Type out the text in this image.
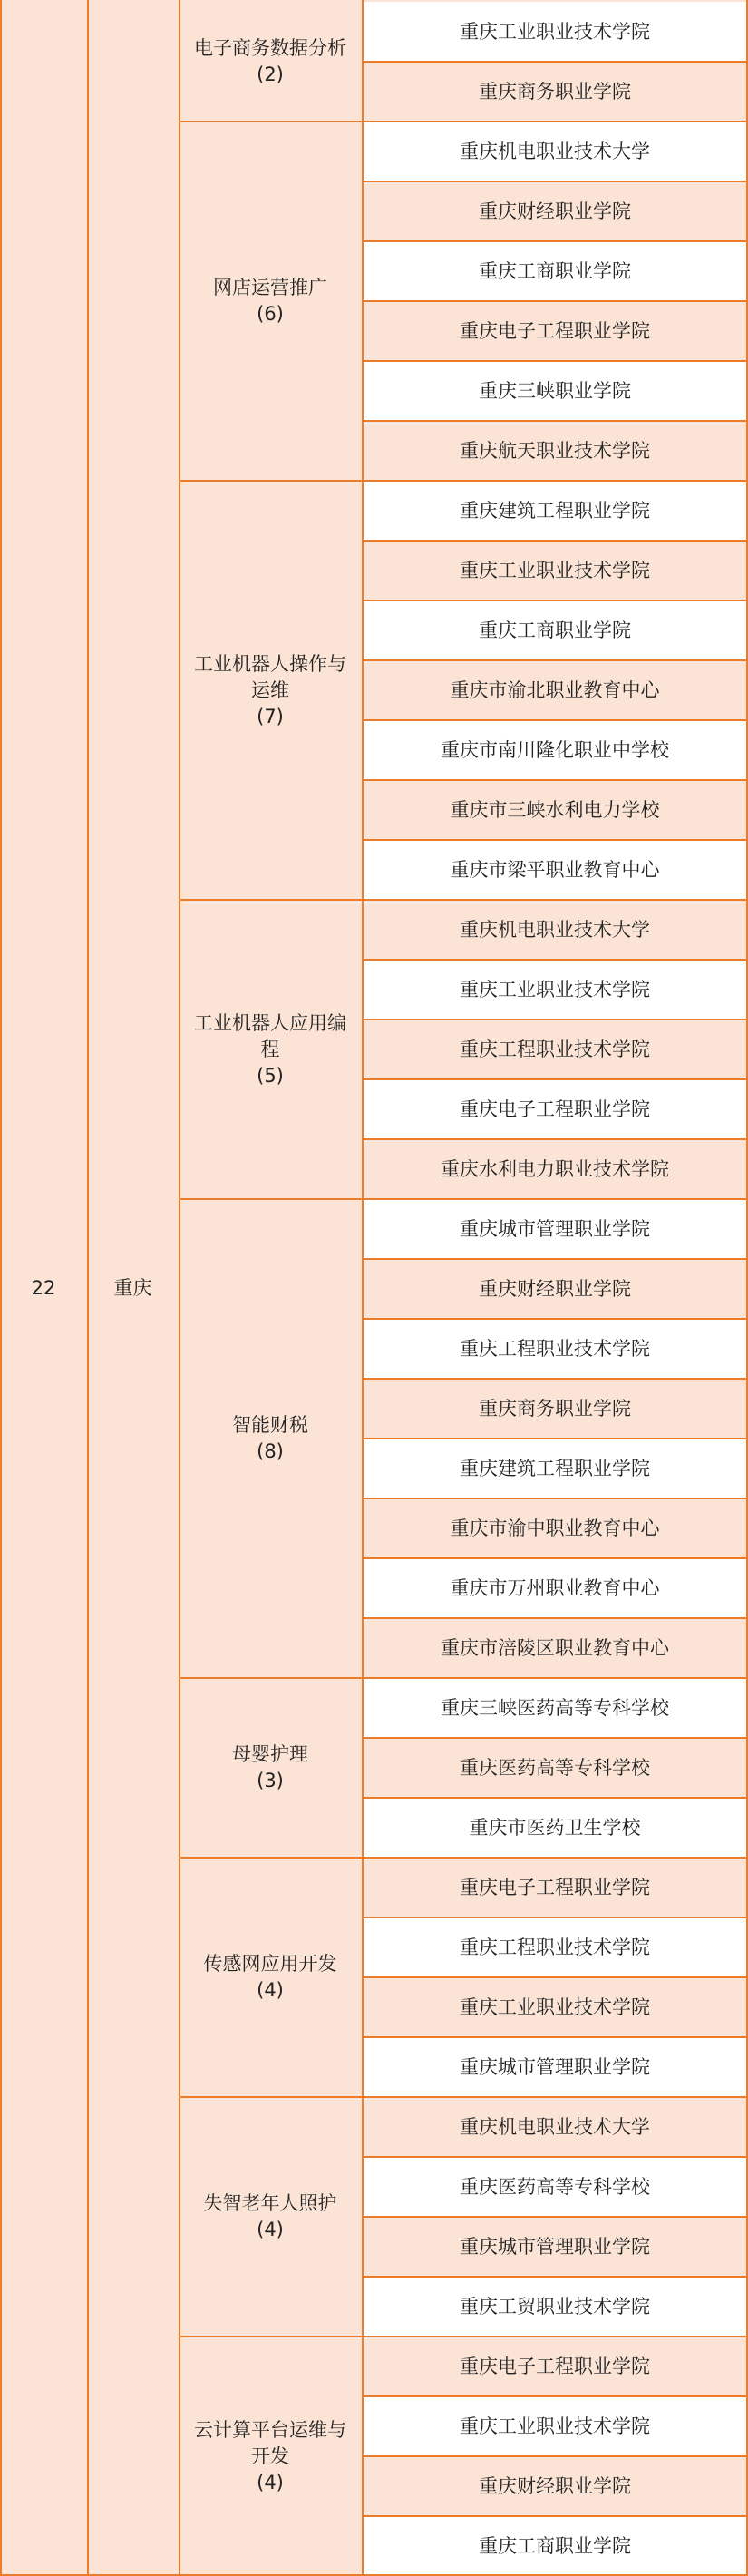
22	重庆
电子商务数据分析
(2)
重庆工业职业技术学院
重庆商务职业学院
网店运营推广
(6)
重庆机电职业技术大学
重庆财经职业学院
重庆工商职业学院
重庆电子工程职业学院
重庆三峡职业学院
重庆航天职业技术学院
工业机器人操作与运维
(7)
重庆建筑工程职业学院
重庆工业职业技术学院
重庆工商职业学院
重庆市渝北职业教育中心
重庆市南川隆化职业中学校
重庆市三峡水利电力学校
重庆市梁平职业教育中心
工业机器人应用编程
(5)
重庆机电职业技术大学
重庆工业职业技术学院
重庆工程职业技术学院
重庆电子工程职业学院
重庆水利电力职业技术学院
智能财税
(8)
重庆城市管理职业学院
重庆财经职业学院
重庆工程职业技术学院
重庆商务职业学院
重庆建筑工程职业学院
重庆市渝中职业教育中心
重庆市万州职业教育中心
重庆市涪陵区职业教育中心
母婴护理
(3)
重庆三峡医药高等专科学校
重庆医药高等专科学校
重庆市医药卫生学校
传感网应用开发
(4)
重庆电子工程职业学院
重庆工程职业技术学院
重庆工业职业技术学院
重庆城市管理职业学院
失智老年人照护
(4)
重庆机电职业技术大学
重庆医药高等专科学校
重庆城市管理职业学院
重庆工贸职业技术学院
云计算平台运维与开发
(4)
重庆电子工程职业学院
重庆工业职业技术学院
重庆财经职业学院
重庆工商职业学院
